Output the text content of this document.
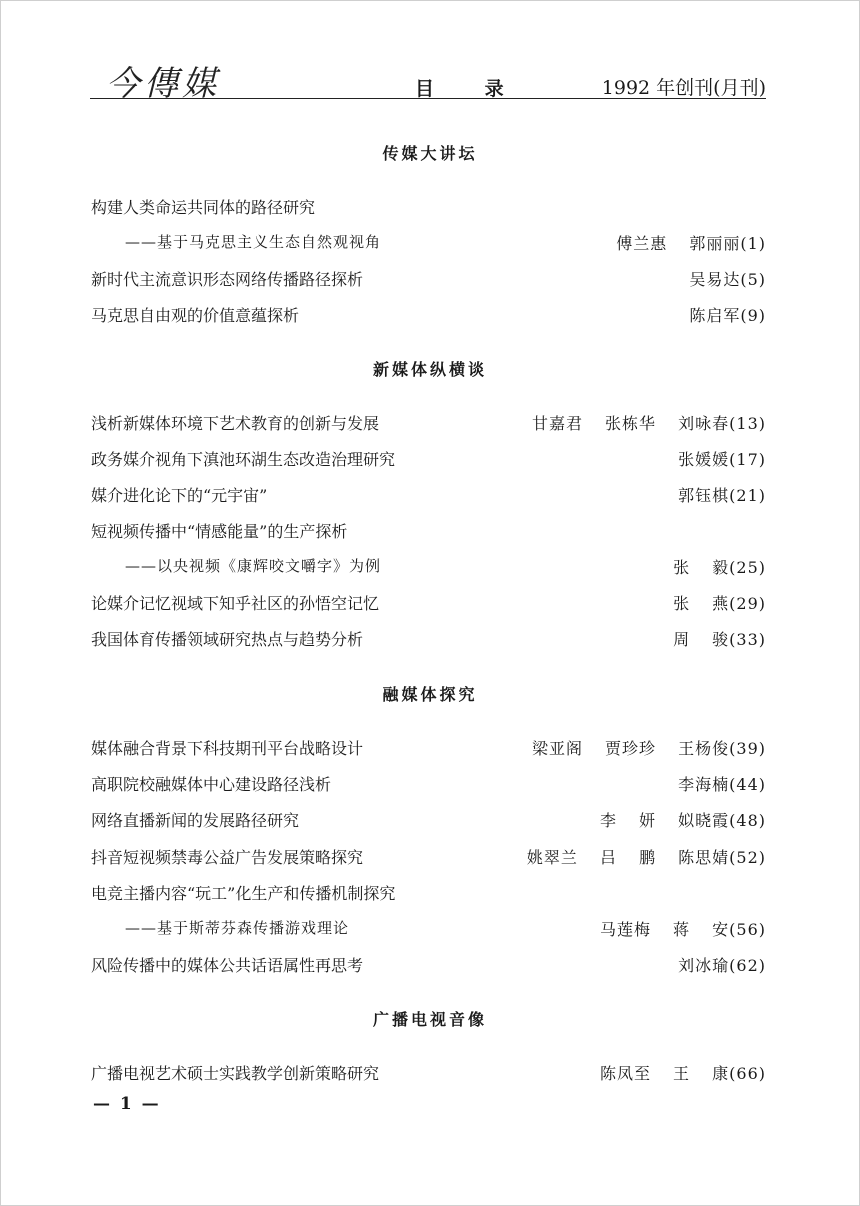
今傳媒	目 录	1992 年创刊(月刊)
传媒大讲坛
构建人类命运共同体的路径研究
——基于马克思主义生态自然观视角	傅兰惠 郭丽丽(1)
新时代主流意识形态网络传播路径探析	吴易达(5)
马克思自由观的价值意蕴探析	陈启军(9)
新媒体纵横谈
浅析新媒体环境下艺术教育的创新与发展	甘嘉君 张栋华 刘咏春(13)
政务媒介视角下滇池环湖生态改造治理研究	张媛媛(17)
媒介进化论下的“元宇宙”	郭钰棋(21)
短视频传播中“情感能量”的生产探析
——以央视频《康辉咬文嚼字》为例	张 毅(25)
论媒介记忆视域下知乎社区的孙悟空记忆	张 燕(29)
我国体育传播领域研究热点与趋势分析	周 骏(33)
融媒体探究
媒体融合背景下科技期刊平台战略设计	梁亚阁 贾珍珍 王杨俊(39)
高职院校融媒体中心建设路径浅析	李海楠(44)
网络直播新闻的发展路径研究	李 妍 姒晓霞(48)
抖音短视频禁毒公益广告发展策略探究	姚翠兰 吕 鹏 陈思婧(52)
电竞主播内容“玩工”化生产和传播机制探究
——基于斯蒂芬森传播游戏理论	马莲梅 蒋 安(56)
风险传播中的媒体公共话语属性再思考	刘冰瑜(62)
广播电视音像
广播电视艺术硕士实践教学创新策略研究	陈凤至 王 康(66)
— 1 —
